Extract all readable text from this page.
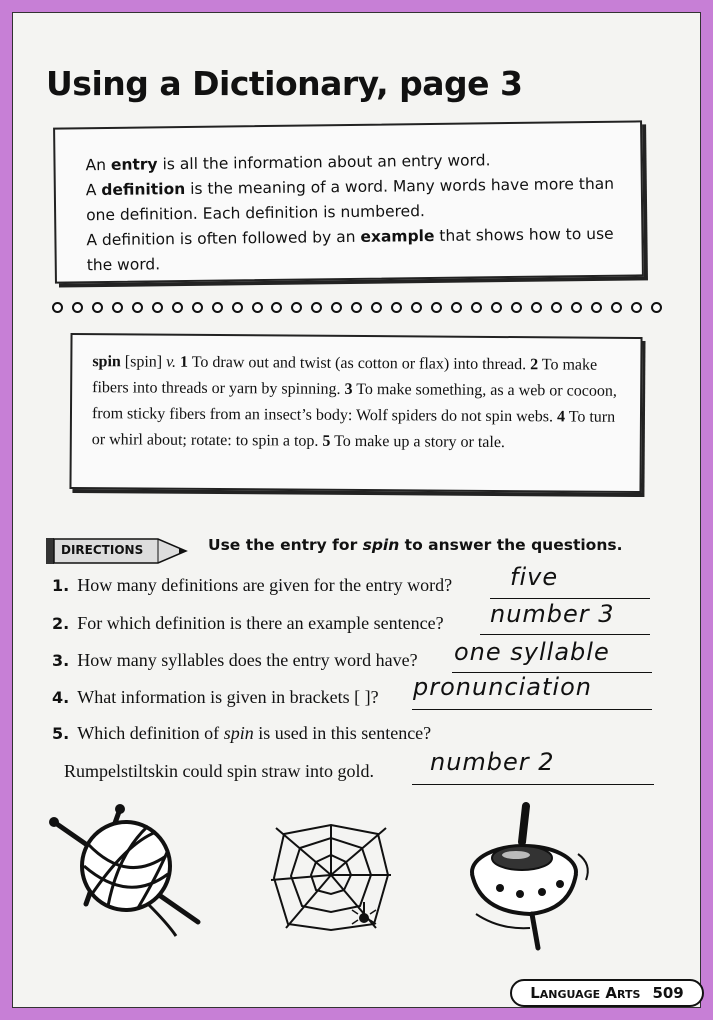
Using a Dictionary, page 3

An entry is all the information about an entry word.
A definition is the meaning of a word. Many words have more than one definition. Each definition is numbered.
A definition is often followed by an example that shows how to use the word.

spin [spin] v. 1 To draw out and twist (as cotton or flax) into thread. 2 To make fibers into threads or yarn by spinning. 3 To make something, as a web or cocoon, from sticky fibers from an insect’s body: Wolf spiders do not spin webs. 4 To turn or whirl about; rotate: to spin a top. 5 To make up a story or tale.

DIRECTIONS	Use the entry for spin to answer the questions.
1. How many definitions are given for the entry word? five
2. For which definition is there an example sentence? number 3
3. How many syllables does the entry word have? one syllable
4. What information is given in brackets [ ]? pronunciation
5. Which definition of spin is used in this sentence?
Rumpelstiltskin could spin straw into gold. number 2
Language Arts 509
